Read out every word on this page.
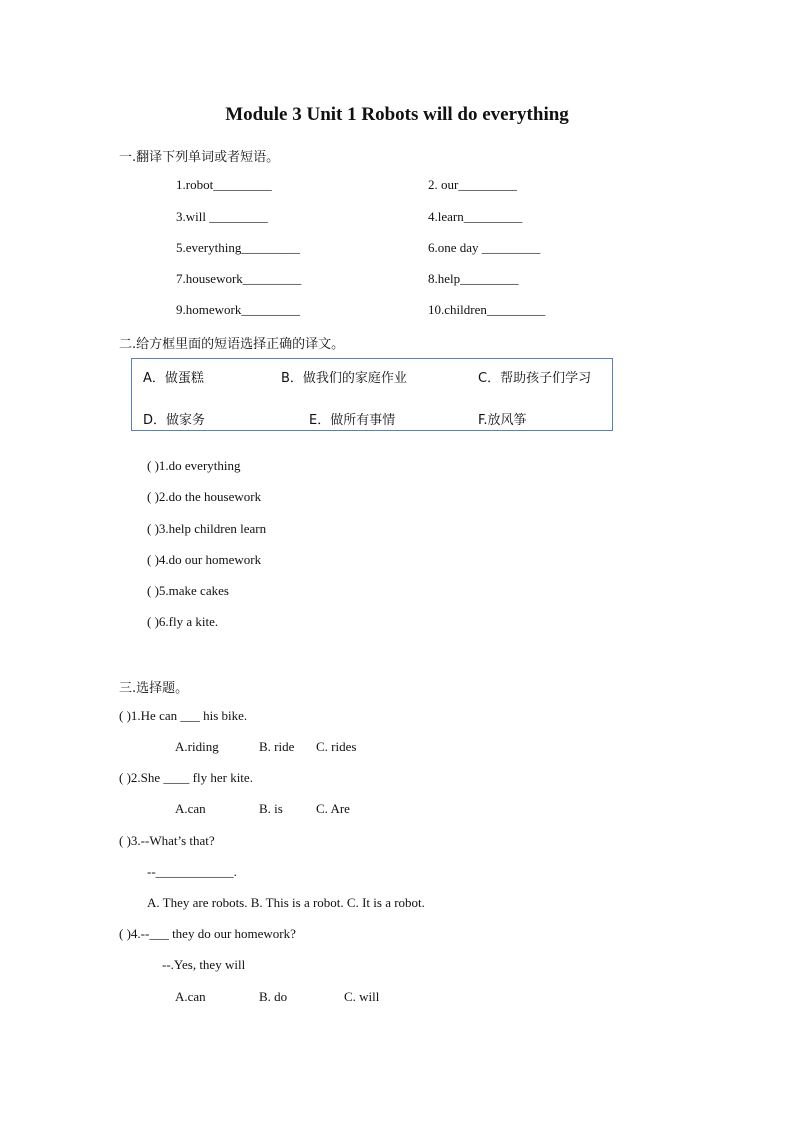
Module 3 Unit 1 Robots will do everything
一.翻译下列单词或者短语。
1.robot_________	2. our_________
3.will _________	4.learn_________
5.everything_________	6.one day _________
7.housework_________	8.help_________
9.homework_________	10.children_________
二.给方框里面的短语选择正确的译文。
A．做蛋糕	B．做我们的家庭作业	C．帮助孩子们学习
D．做家务	E．做所有事情	F.放风筝
( )1.do everything
( )2.do the housework
( )3.help children learn
( )4.do our homework
( )5.make cakes
( )6.fly a kite.
三.选择题。
( )1.He can ___ his bike.
A.riding	B. ride C. rides
( )2.She ____ fly her kite.
A.can	B. is	C. Are
( )3.--What’s that?
--____________.
A. They are robots. B. This is a robot. C. It is a robot.
( )4.--___ they do our homework?
--.Yes, they will
A.can	B. do	C. will
